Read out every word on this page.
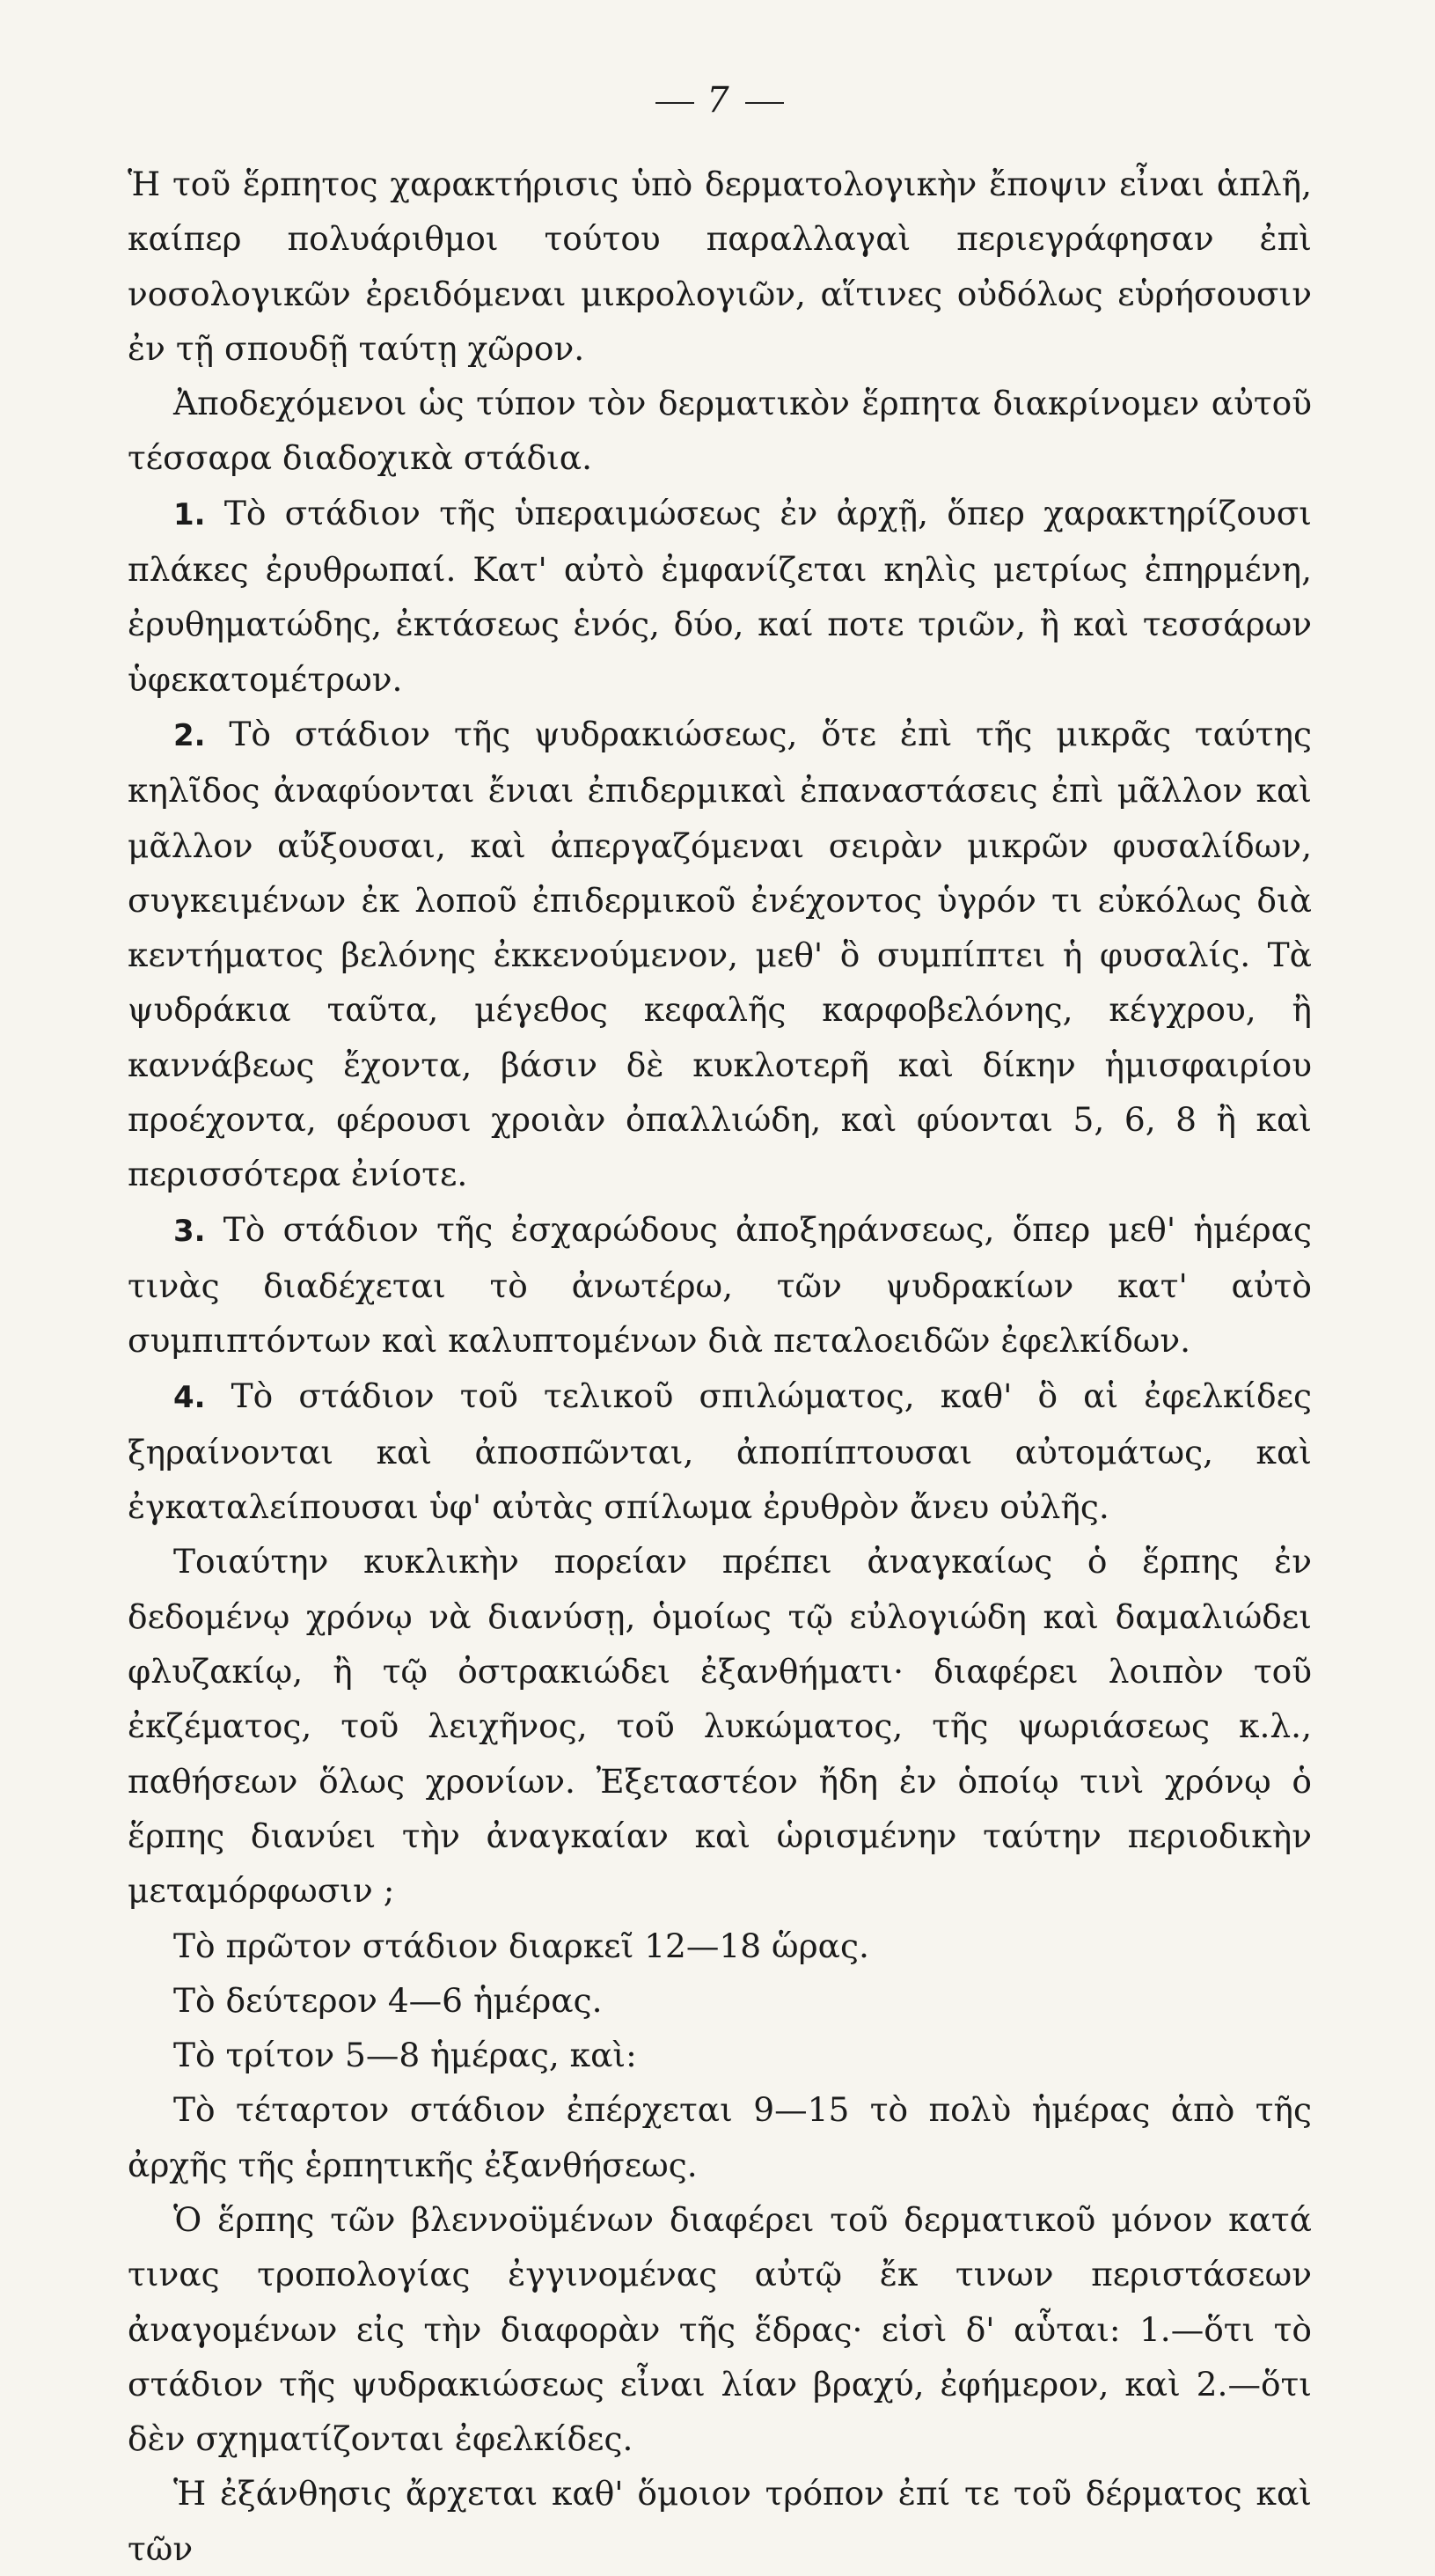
7

Ἡ τοῦ ἕρπητος χαρακτήρισις ὑπὸ δερματολογικὴν ἔποψιν εἶναι ἁπλῆ, καίπερ πολυάριθμοι τούτου παραλλαγαὶ περιεγράφησαν ἐπὶ νοσολογικῶν ἐρειδόμεναι μικρολογιῶν, αἵτινες οὐδόλως εὑρήσουσιν ἐν τῇ σπουδῇ ταύτῃ χῶρον.

Ἀποδεχόμενοι ὡς τύπον τὸν δερματικὸν ἕρπητα διακρίνομεν αὐτοῦ τέσσαρα διαδοχικὰ στάδια.

1. Τὸ στάδιον τῆς ὑπεραιμώσεως ἐν ἀρχῇ, ὅπερ χαρακτηρίζουσι πλάκες ἐρυθρωπαί. Κατ' αὐτὸ ἐμφανίζεται κηλὶς μετρίως ἐπηρμένη, ἐρυθηματώδης, ἐκτάσεως ἑνός, δύο, καί ποτε τριῶν, ἢ καὶ τεσσάρων ὑφεκατομέτρων.

2. Τὸ στάδιον τῆς ψυδρακιώσεως, ὅτε ἐπὶ τῆς μικρᾶς ταύτης κηλῖδος ἀναφύονται ἔνιαι ἐπιδερμικαὶ ἐπαναστάσεις ἐπὶ μᾶλλον καὶ μᾶλλον αὔξουσαι, καὶ ἀπεργαζόμεναι σειρὰν μικρῶν φυσαλίδων, συγκειμένων ἐκ λοποῦ ἐπιδερμικοῦ ἐνέχοντος ὑγρόν τι εὐκόλως διὰ κεντήματος βελόνης ἐκκενούμενον, μεθ' ὃ συμπίπτει ἡ φυσαλίς. Τὰ ψυδράκια ταῦτα, μέγεθος κεφαλῆς καρφοβελόνης, κέγχρου, ἢ καννάβεως ἔχοντα, βάσιν δὲ κυκλοτερῆ καὶ δίκην ἡμισφαιρίου προέχοντα, φέρουσι χροιὰν ὀπαλλιώδη, καὶ φύονται 5, 6, 8 ἢ καὶ περισσότερα ἐνίοτε.

3. Τὸ στάδιον τῆς ἐσχαρώδους ἀποξηράνσεως, ὅπερ μεθ' ἡμέρας τινὰς διαδέχεται τὸ ἀνωτέρω, τῶν ψυδρακίων κατ' αὐτὸ συμπιπτόντων καὶ καλυπτομένων διὰ πεταλοειδῶν ἐφελκίδων.

4. Τὸ στάδιον τοῦ τελικοῦ σπιλώματος, καθ' ὃ αἱ ἐφελκίδες ξηραίνονται καὶ ἀποσπῶνται, ἀποπίπτουσαι αὐτομάτως, καὶ ἐγκαταλείπουσαι ὑφ' αὐτὰς σπίλωμα ἐρυθρὸν ἄνευ οὐλῆς.

Τοιαύτην κυκλικὴν πορείαν πρέπει ἀναγκαίως ὁ ἕρπης ἐν δεδομένῳ χρόνῳ νὰ διανύσῃ, ὁμοίως τῷ εὐλογιώδη καὶ δαμαλιώδει φλυζακίῳ, ἢ τῷ ὀστρακιώδει ἐξανθήματι· διαφέρει λοιπὸν τοῦ ἐκζέματος, τοῦ λειχῆνος, τοῦ λυκώματος, τῆς ψωριάσεως κ.λ., παθήσεων ὅλως χρονίων. Ἐξεταστέον ἤδη ἐν ὁποίῳ τινὶ χρόνῳ ὁ ἕρπης διανύει τὴν ἀναγκαίαν καὶ ὡρισμένην ταύτην περιοδικὴν μεταμόρφωσιν ;

Τὸ πρῶτον στάδιον διαρκεῖ 12—18 ὥρας.

Τὸ δεύτερον 4—6 ἡμέρας.

Τὸ τρίτον 5—8 ἡμέρας, καὶ:

Τὸ τέταρτον στάδιον ἐπέρχεται 9—15 τὸ πολὺ ἡμέρας ἀπὸ τῆς ἀρχῆς τῆς ἑρπητικῆς ἐξανθήσεως.

Ὁ ἕρπης τῶν βλεννοϋμένων διαφέρει τοῦ δερματικοῦ μόνον κατά τινας τροπολογίας ἐγγινομένας αὐτῷ ἔκ τινων περιστάσεων ἀναγομένων εἰς τὴν διαφορὰν τῆς ἕδρας· εἰσὶ δ' αὗται: 1.—ὅτι τὸ στάδιον τῆς ψυδρακιώσεως εἶναι λίαν βραχύ, ἐφήμερον, καὶ 2.—ὅτι δὲν σχηματίζονται ἐφελκίδες.

Ἡ ἐξάνθησις ἄρχεται καθ' ὅμοιον τρόπον ἐπί τε τοῦ δέρματος καὶ τῶν
